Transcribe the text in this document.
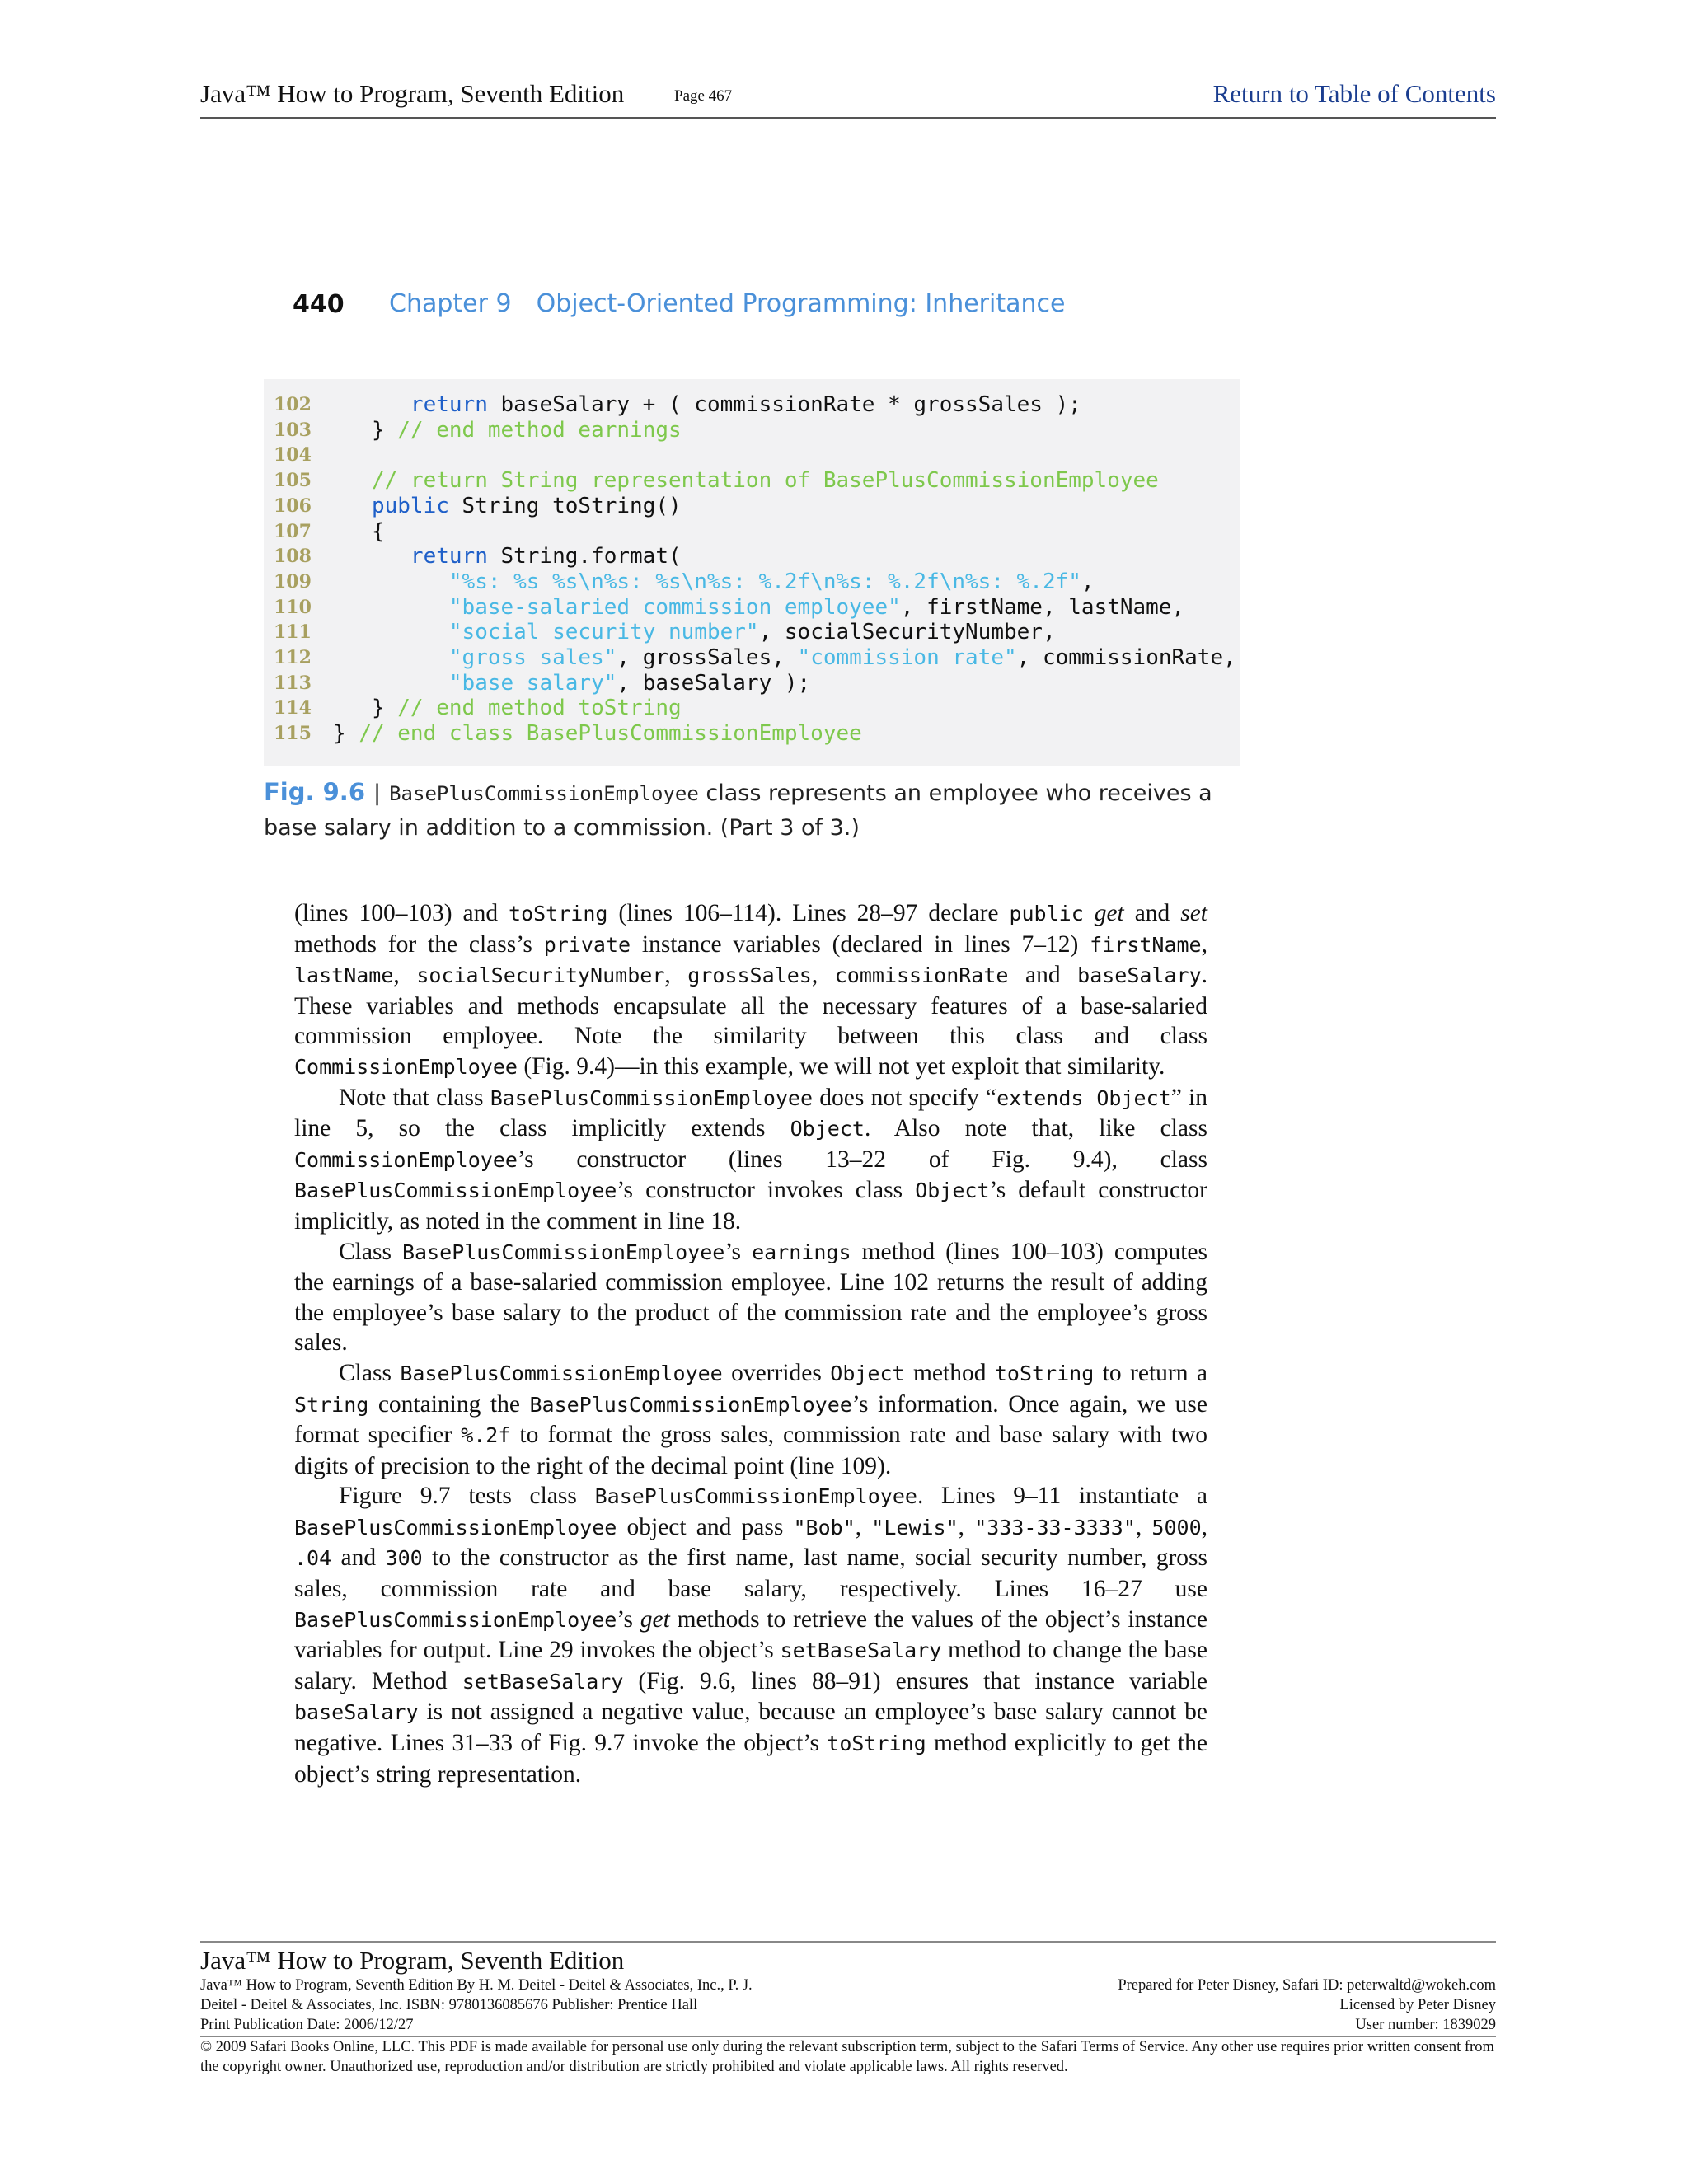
Java™ How to Program, Seventh Edition	Page 467	Return to Table of Contents
440 Chapter 9 Object-Oriented Programming: Inheritance
102	return baseSalary + ( commissionRate * grossSales );
103	} // end method earnings
104
105	// return String representation of BasePlusCommissionEmployee
106	public String toString()
107	{
108	return String.format(
109	"%s: %s %s\n%s: %s\n%s: %.2f\n%s: %.2f\n%s: %.2f",
110	"base-salaried commission employee", firstName, lastName,
111	"social security number", socialSecurityNumber,
112	"gross sales", grossSales, "commission rate", commissionRate,
113	"base salary", baseSalary );
114	} // end method toString
115	} // end class BasePlusCommissionEmployee
Fig. 9.6 | BasePlusCommissionEmployee class represents an employee who receives a base salary in addition to a commission. (Part 3 of 3.)

(lines 100–103) and toString (lines 106–114). Lines 28–97 declare public get and set methods for the class’s private instance variables (declared in lines 7–12) firstName, lastName, socialSecurityNumber, grossSales, commissionRate and baseSalary. These variables and methods encapsulate all the necessary features of a base-salaried commission employee. Note the similarity between this class and class CommissionEmployee (Fig. 9.4)—in this example, we will not yet exploit that similarity.

Note that class BasePlusCommissionEmployee does not specify “extends Object” in line 5, so the class implicitly extends Object. Also note that, like class CommissionEmployee’s constructor (lines 13–22 of Fig. 9.4), class BasePlusCommissionEmployee’s constructor invokes class Object’s default constructor implicitly, as noted in the comment in line 18.

Class BasePlusCommissionEmployee’s earnings method (lines 100–103) computes the earnings of a base-salaried commission employee. Line 102 returns the result of adding the employee’s base salary to the product of the commission rate and the employee’s gross sales.

Class BasePlusCommissionEmployee overrides Object method toString to return a String containing the BasePlusCommissionEmployee’s information. Once again, we use format specifier %.2f to format the gross sales, commission rate and base salary with two digits of precision to the right of the decimal point (line 109).

Figure 9.7 tests class BasePlusCommissionEmployee. Lines 9–11 instantiate a BasePlusCommissionEmployee object and pass "Bob", "Lewis", "333-33-3333", 5000, .04 and 300 to the constructor as the first name, last name, social security number, gross sales, commission rate and base salary, respectively. Lines 16–27 use BasePlusCommissionEmployee’s get methods to retrieve the values of the object’s instance variables for output. Line 29 invokes the object’s setBaseSalary method to change the base salary. Method setBaseSalary (Fig. 9.6, lines 88–91) ensures that instance variable baseSalary is not assigned a negative value, because an employee’s base salary cannot be negative. Lines 31–33 of Fig. 9.7 invoke the object’s toString method explicitly to get the object’s string representation.

Java™ How to Program, Seventh Edition
Java™ How to Program, Seventh Edition By H. M. Deitel - Deitel & Associates, Inc., P. J.	Prepared for Peter Disney, Safari ID: peterwaltd@wokeh.com
Deitel - Deitel & Associates, Inc. ISBN: 9780136085676 Publisher: Prentice Hall	Licensed by Peter Disney
Print Publication Date: 2006/12/27	User number: 1839029
© 2009 Safari Books Online, LLC. This PDF is made available for personal use only during the relevant subscription term, subject to the Safari Terms of Service. Any other use requires prior written consent from the copyright owner. Unauthorized use, reproduction and/or distribution are strictly prohibited and violate applicable laws. All rights reserved.
